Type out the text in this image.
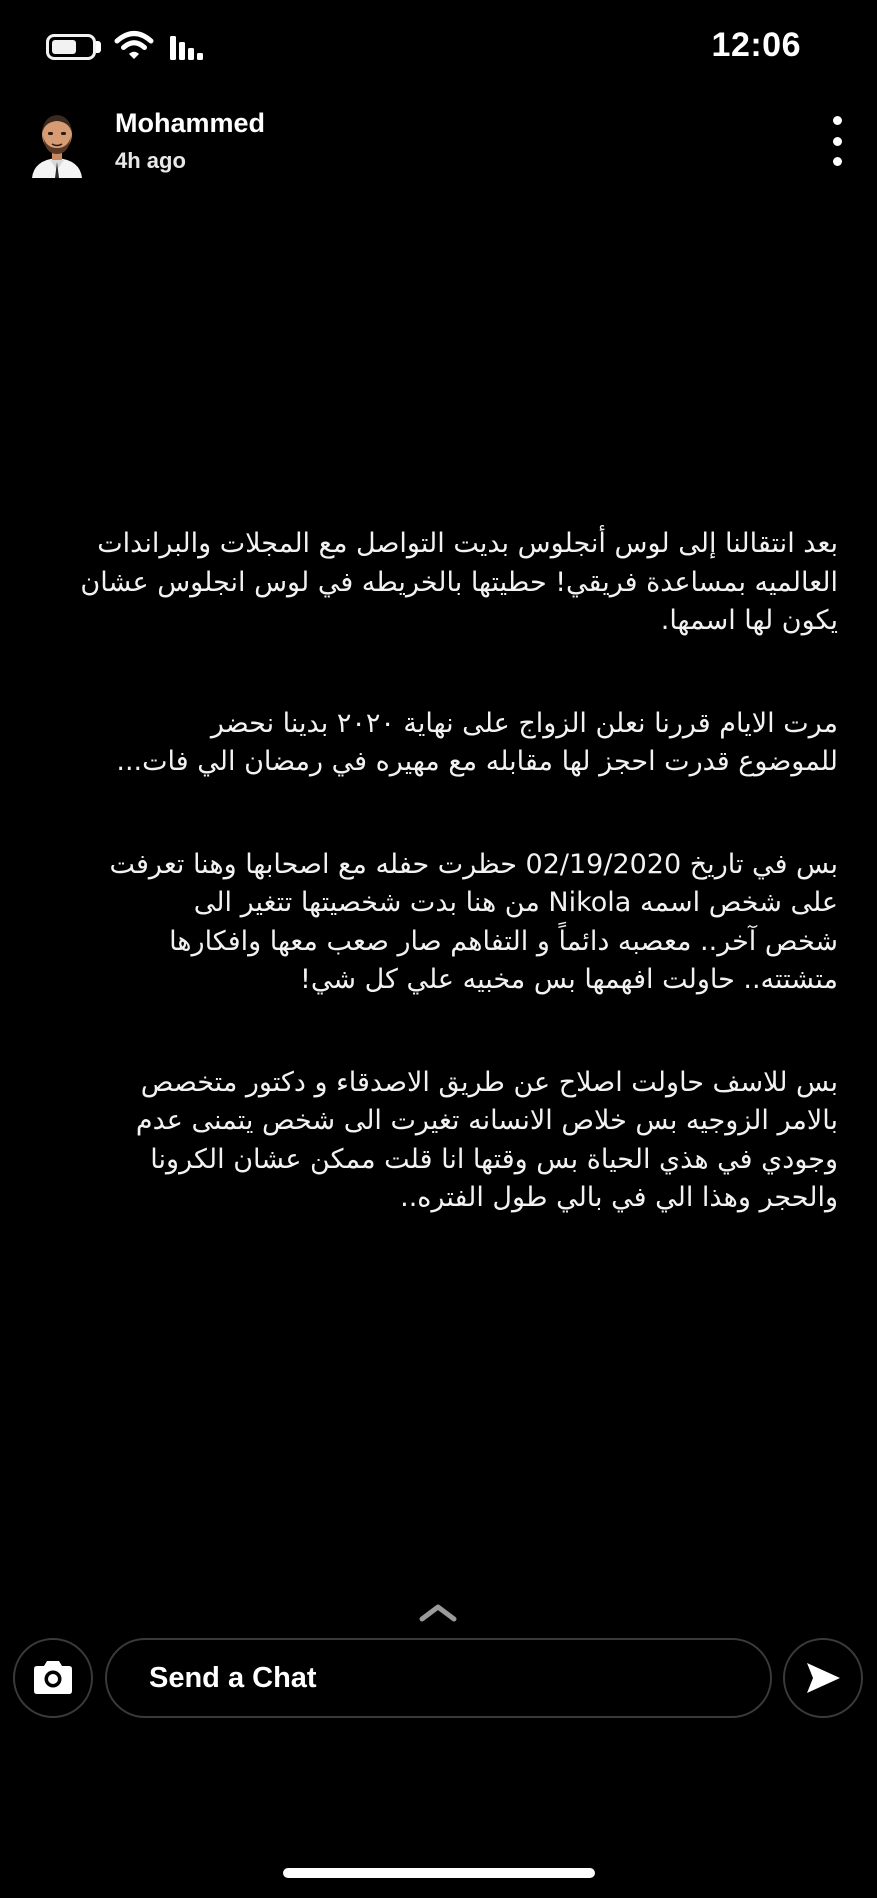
12:06
Mohammed
4h ago

بعد انتقالنا إلى لوس أنجلوس بديت التواصل مع المجلات والبراندات
العالميه بمساعدة فريقي! حطيتها بالخريطه في لوس انجلوس عشان
يكون لها اسمها.

مرت الايام قررنا نعلن الزواج على نهاية ٢٠٢٠ بدينا نحضر
للموضوع قدرت احجز لها مقابله مع مهيره في رمضان الي فات...

بس في تاريخ 02/19/2020 حظرت حفله مع اصحابها وهنا تعرفت
على شخص اسمه Nikola من هنا بدت شخصيتها تتغير الى
شخص آخر.. معصبه دائماً و التفاهم صار صعب معها وافكارها
متشتته.. حاولت افهمها بس مخبيه علي كل شي!

بس للاسف حاولت اصلاح عن طريق الاصدقاء و دكتور متخصص
بالامر الزوجيه بس خلاص الانسانه تغيرت الى شخص يتمنى عدم
وجودي في هذي الحياة بس وقتها انا قلت ممكن عشان الكرونا
والحجر وهذا الي في بالي طول الفتره..

Send a Chat
